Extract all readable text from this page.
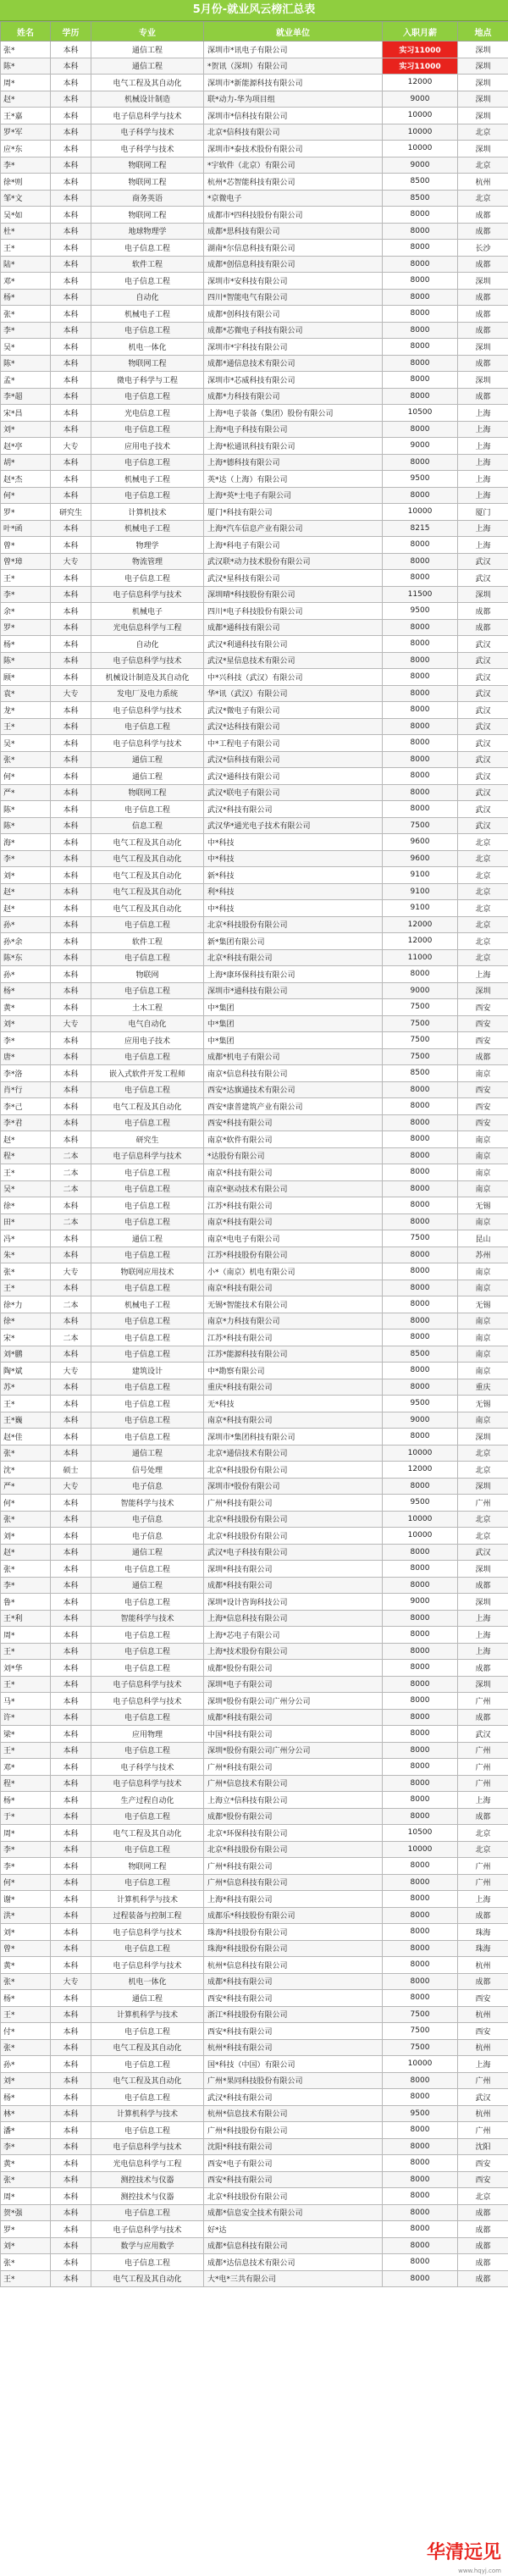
5月份-就业风云榜汇总表
姓名	学历	专业	就业单位	入职月薪	地点
张*	本科	通信工程	深圳市*讯电子有限公司	实习11000	深圳
陈*	本科	通信工程	*贺讯（深圳）有限公司	实习11000	深圳
周*	本科	电气工程及其自动化	深圳市*新能源科技有限公司	12000	深圳
赵*	本科	机械设计制造	联*动力-华为项目组	9000	深圳
王*嘉	本科	电子信息科学与技术	深圳市*信科技有限公司	10000	深圳
罗*军	本科	电子科学与技术	北京*信科技有限公司	10000	北京
应*东	本科	电子科学与技术	深圳市*泰技术股份有限公司	10000	深圳
李*	本科	物联网工程	*宇软件（北京）有限公司	9000	北京
徐*则	本科	物联网工程	杭州*芯智能科技有限公司	8500	杭州
邹*文	本科	商务英语	*京微电子	8500	北京
吴*如	本科	物联网工程	成都市*四科技股份有限公司	8000	成都
杜*	本科	地球物理学	成都*思科技有限公司	8000	成都
王*	本科	电子信息工程	湖南*尔信息科技有限公司	8000	长沙
陆*	本科	软件工程	成都*创信息科技有限公司	8000	成都
邓*	本科	电子信息工程	深圳市*安科技有限公司	8000	深圳
杨*	本科	自动化	四川*智能电气有限公司	8000	成都
张*	本科	机械电子工程	成都*创科技有限公司	8000	成都
李*	本科	电子信息工程	成都*芯微电子科技有限公司	8000	成都
吴*	本科	机电一体化	深圳市*宇科技有限公司	8000	深圳
陈*	本科	物联网工程	成都*通信息技术有限公司	8000	成都
孟*	本科	微电子科学与工程	深圳市*芯威科技有限公司	8000	深圳
李*超	本科	电子信息工程	成都*力科技有限公司	8000	成都
宋*昌	本科	光电信息工程	上海*电子装备（集团）股份有限公司	10500	上海
刘*	本科	电子信息工程	上海*电子科技有限公司	8000	上海
赵*亭	大专	应用电子技术	上海*松通讯科技有限公司	9000	上海
胡*	本科	电子信息工程	上海*德科技有限公司	8000	上海
赵*杰	本科	机械电子工程	英*达（上海）有限公司	9500	上海
何*	本科	电子信息工程	上海*英*士电子有限公司	8000	上海
罗*	研究生	计算机技术	厦门*科技有限公司	10000	厦门
叶*函	本科	机械电子工程	上海*汽车信息产业有限公司	8215	上海
曾*	本科	物理学	上海*科电子有限公司	8000	上海
曾*璋	大专	物流管理	武汉联*动力技术股份有限公司	8000	武汉
王*	本科	电子信息工程	武汉*星科技有限公司	8000	武汉
李*	本科	电子信息科学与技术	深圳晴*科技股份有限公司	11500	深圳
余*	本科	机械电子	四川*电子科技股份有限公司	9500	成都
罗*	本科	光电信息科学与工程	成都*通科技有限公司	8000	成都
杨*	本科	自动化	武汉*利通科技有限公司	8000	武汉
陈*	本科	电子信息科学与技术	武汉*星信息技术有限公司	8000	武汉
顾*	本科	机械设计制造及其自动化	中*兴科技（武汉）有限公司	8000	武汉
袁*	大专	发电厂及电力系统	华*讯（武汉）有限公司	8000	武汉
龙*	本科	电子信息科学与技术	武汉*微电子有限公司	8000	武汉
王*	本科	电子信息工程	武汉*达科技有限公司	8000	武汉
吴*	本科	电子信息科学与技术	中*工程电子有限公司	8000	武汉
张*	本科	通信工程	武汉*信科技有限公司	8000	武汉
何*	本科	通信工程	武汉*通科技有限公司	8000	武汉
严*	本科	物联网工程	武汉*联电子有限公司	8000	武汉
陈*	本科	电子信息工程	武汉*科技有限公司	8000	武汉
陈*	本科	信息工程	武汉华*通光电子技术有限公司	7500	武汉
海*	本科	电气工程及其自动化	中*科技	9600	北京
李*	本科	电气工程及其自动化	中*科技	9600	北京
刘*	本科	电气工程及其自动化	新*科技	9100	北京
赵*	本科	电气工程及其自动化	利*科技	9100	北京
赵*	本科	电气工程及其自动化	中*科技	9100	北京
孙*	本科	电子信息工程	北京*科技股份有限公司	12000	北京
孙*余	本科	软件工程	新*集团有限公司	12000	北京
陈*东	本科	电子信息工程	北京*科技有限公司	11000	北京
孙*	本科	物联网	上海*康环保科技有限公司	8000	上海
杨*	本科	电子信息工程	深圳市*通科技有限公司	9000	深圳
黄*	本科	土木工程	中*集团	7500	西安
刘*	大专	电气自动化	中*集团	7500	西安
李*	本科	应用电子技术	中*集团	7500	西安
唐*	本科	电子信息工程	成都*机电子有限公司	7500	成都
李*洛	本科	嵌入式软件开发工程师	南京*信息科技有限公司	8500	南京
肖*行	本科	电子信息工程	西安*达旗通技术有限公司	8000	西安
李*己	本科	电气工程及其自动化	西安*康普建筑产业有限公司	8000	西安
李*君	本科	电子信息工程	西安*科技有限公司	8000	西安
赵*	本科	研究生	南京*软件有限公司	8000	南京
程*	二本	电子信息科学与技术	*达股份有限公司	8000	南京
王*	二本	电子信息工程	南京*科技有限公司	8000	南京
吴*	二本	电子信息工程	南京*驱动技术有限公司	8000	南京
徐*	本科	电子信息工程	江苏*科技有限公司	8000	无锡
田*	二本	电子信息工程	南京*科技有限公司	8000	南京
冯*	本科	通信工程	南京*电电子有限公司	7500	昆山
朱*	本科	电子信息工程	江苏*科技股份有限公司	8000	苏州
张*	大专	物联网应用技术	小*（南京）机电有限公司	8000	南京
王*	本科	电子信息工程	南京*科技有限公司	8000	南京
徐*力	二本	机械电子工程	无锡*智能技术有限公司	8000	无锡
徐*	本科	电子信息工程	南京*力科技有限公司	8000	南京
宋*	二本	电子信息工程	江苏*科技有限公司	8000	南京
刘*鹏	本科	电子信息工程	江苏*能源科技有限公司	8500	南京
陶*斌	大专	建筑设计	中*勘察有限公司	8000	南京
苏*	本科	电子信息工程	重庆*科技有限公司	8000	重庆
王*	本科	电子信息工程	无*科技	9500	无锡
王*巍	本科	电子信息工程	南京*科技有限公司	9000	南京
赵*佳	本科	电子信息工程	深圳市*集团科技有限公司	8000	深圳
张*	本科	通信工程	北京*通信技术有限公司	10000	北京
沈*	硕士	信号处理	北京*科技股份有限公司	12000	北京
严*	大专	电子信息	深圳市*股份有限公司	8000	深圳
何*	本科	智能科学与技术	广州*科技有限公司	9500	广州
张*	本科	电子信息	北京*科技股份有限公司	10000	北京
刘*	本科	电子信息	北京*科技股份有限公司	10000	北京
赵*	本科	通信工程	武汉*电子科技有限公司	8000	武汉
张*	本科	电子信息工程	深圳*科技有限公司	8000	深圳
李*	本科	通信工程	成都*科技有限公司	8000	成都
鲁*	本科	电子信息工程	深圳*设计咨询科技公司	9000	深圳
王*利	本科	智能科学与技术	上海*信息科技有限公司	8000	上海
周*	本科	电子信息工程	上海*芯电子有限公司	8000	上海
王*	本科	电子信息工程	上海*技术股份有限公司	8000	上海
刘*华	本科	电子信息工程	成都*股份有限公司	8000	成都
王*	本科	电子信息科学与技术	深圳*电子有限公司	8000	深圳
马*	本科	电子信息科学与技术	深圳*股份有限公司广州分公司	8000	广州
许*	本科	电子信息工程	成都*科技有限公司	8000	成都
梁*	本科	应用物理	中国*科技有限公司	8000	武汉
王*	本科	电子信息工程	深圳*股份有限公司广州分公司	8000	广州
邓*	本科	电子科学与技术	广州*科技有限公司	8000	广州
程*	本科	电子信息科学与技术	广州*信息技术有限公司	8000	广州
杨*	本科	生产过程自动化	上海立*信科技有限公司	8000	上海
于*	本科	电子信息工程	成都*股份有限公司	8000	成都
周*	本科	电气工程及其自动化	北京*环保科技有限公司	10500	北京
李*	本科	电子信息工程	北京*科技股份有限公司	10000	北京
李*	本科	物联网工程	广州*科技有限公司	8000	广州
何*	本科	电子信息工程	广州*信息科技有限公司	8000	广州
谢*	本科	计算机科学与技术	上海*科技有限公司	8000	上海
洪*	本科	过程装备与控制工程	成都乐*科技股份有限公司	8000	成都
刘*	本科	电子信息科学与技术	珠海*科技股份有限公司	8000	珠海
曾*	本科	电子信息工程	珠海*科技股份有限公司	8000	珠海
黄*	本科	电子信息科学与技术	杭州*信息科技有限公司	8000	杭州
张*	大专	机电一体化	成都*科技有限公司	8000	成都
杨*	本科	通信工程	西安*科技有限公司	8000	西安
王*	本科	计算机科学与技术	浙江*科技股份有限公司	7500	杭州
付*	本科	电子信息工程	西安*科技有限公司	7500	西安
张*	本科	电气工程及其自动化	杭州*科技有限公司	7500	杭州
孙*	本科	电子信息工程	国*科技（中国）有限公司	10000	上海
刘*	本科	电气工程及其自动化	广州*果同科技股份有限公司	8000	广州
杨*	本科	电子信息工程	武汉*科技有限公司	8000	武汉
林*	本科	计算机科学与技术	杭州*信息技术有限公司	9500	杭州
潘*	本科	电子信息工程	广州*科技股份有限公司	8000	广州
李*	本科	电子信息科学与技术	沈阳*科技有限公司	8000	沈阳
黄*	本科	光电信息科学与工程	西安*电子有限公司	8000	西安
张*	本科	测控技术与仪器	西安*科技有限公司	8000	西安
周*	本科	测控技术与仪器	北京*科技股份有限公司	8000	北京
贺*强	本科	电子信息工程	成都*信息安全技术有限公司	8000	成都
罗*	本科	电子信息科学与技术	好*达	8000	成都
刘*	本科	数学与应用数学	成都*信息科技有限公司	8000	成都
张*	本科	电子信息工程	成都*达信息技术有限公司	8000	成都
王*	本科	电气工程及其自动化	大*电*三共有限公司	8000	成都
华清远见
www.hqyj.com
